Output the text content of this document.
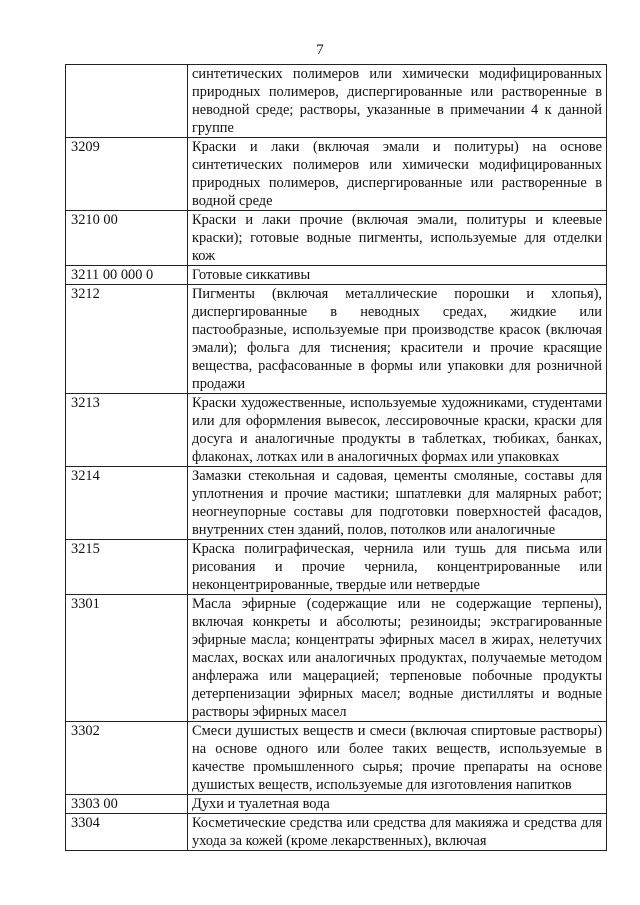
7
	синтетических полимеров или химически модифицированных природных полимеров, диспергированные или растворенные в неводной среде; растворы, указанные в примечании 4 к данной группе
3209	Краски и лаки (включая эмали и политуры) на основе синтетических полимеров или химически модифицированных природных полимеров, диспергированные или растворенные в водной среде
3210 00	Краски и лаки прочие (включая эмали, политуры и клеевые краски); готовые водные пигменты, используемые для отделки кож
3211 00 000 0	Готовые сиккативы
3212	Пигменты (включая металлические порошки и хлопья), диспергированные в неводных средах, жидкие или пастообразные, используемые при производстве красок (включая эмали); фольга для тиснения; красители и прочие красящие вещества, расфасованные в формы или упаковки для розничной продажи
3213	Краски художественные, используемые художниками, студентами или для оформления вывесок, лессировочные краски, краски для досуга и аналогичные продукты в таблетках, тюбиках, банках, флаконах, лотках или в аналогичных формах или упаковках
3214	Замазки стекольная и садовая, цементы смоляные, составы для уплотнения и прочие мастики; шпатлевки для малярных работ; неогнеупорные составы для подготовки поверхностей фасадов, внутренних стен зданий, полов, потолков или аналогичные
3215	Краска полиграфическая, чернила или тушь для письма или рисования и прочие чернила, концентрированные или неконцентрированные, твердые или нетвердые
3301	Масла эфирные (содержащие или не содержащие терпены), включая конкреты и абсолюты; резиноиды; экстрагированные эфирные масла; концентраты эфирных масел в жирах, нелетучих маслах, восках или аналогичных продуктах, получаемые методом анфлеража или мацерацией; терпеновые побочные продукты детерпенизации эфирных масел; водные дистилляты и водные растворы эфирных масел
3302	Смеси душистых веществ и смеси (включая спиртовые растворы) на основе одного или более таких веществ, используемые в качестве промышленного сырья; прочие препараты на основе душистых веществ, используемые для изготовления напитков
3303 00	Духи и туалетная вода
3304	Косметические средства или средства для макияжа и средства для ухода за кожей (кроме лекарственных), включая
